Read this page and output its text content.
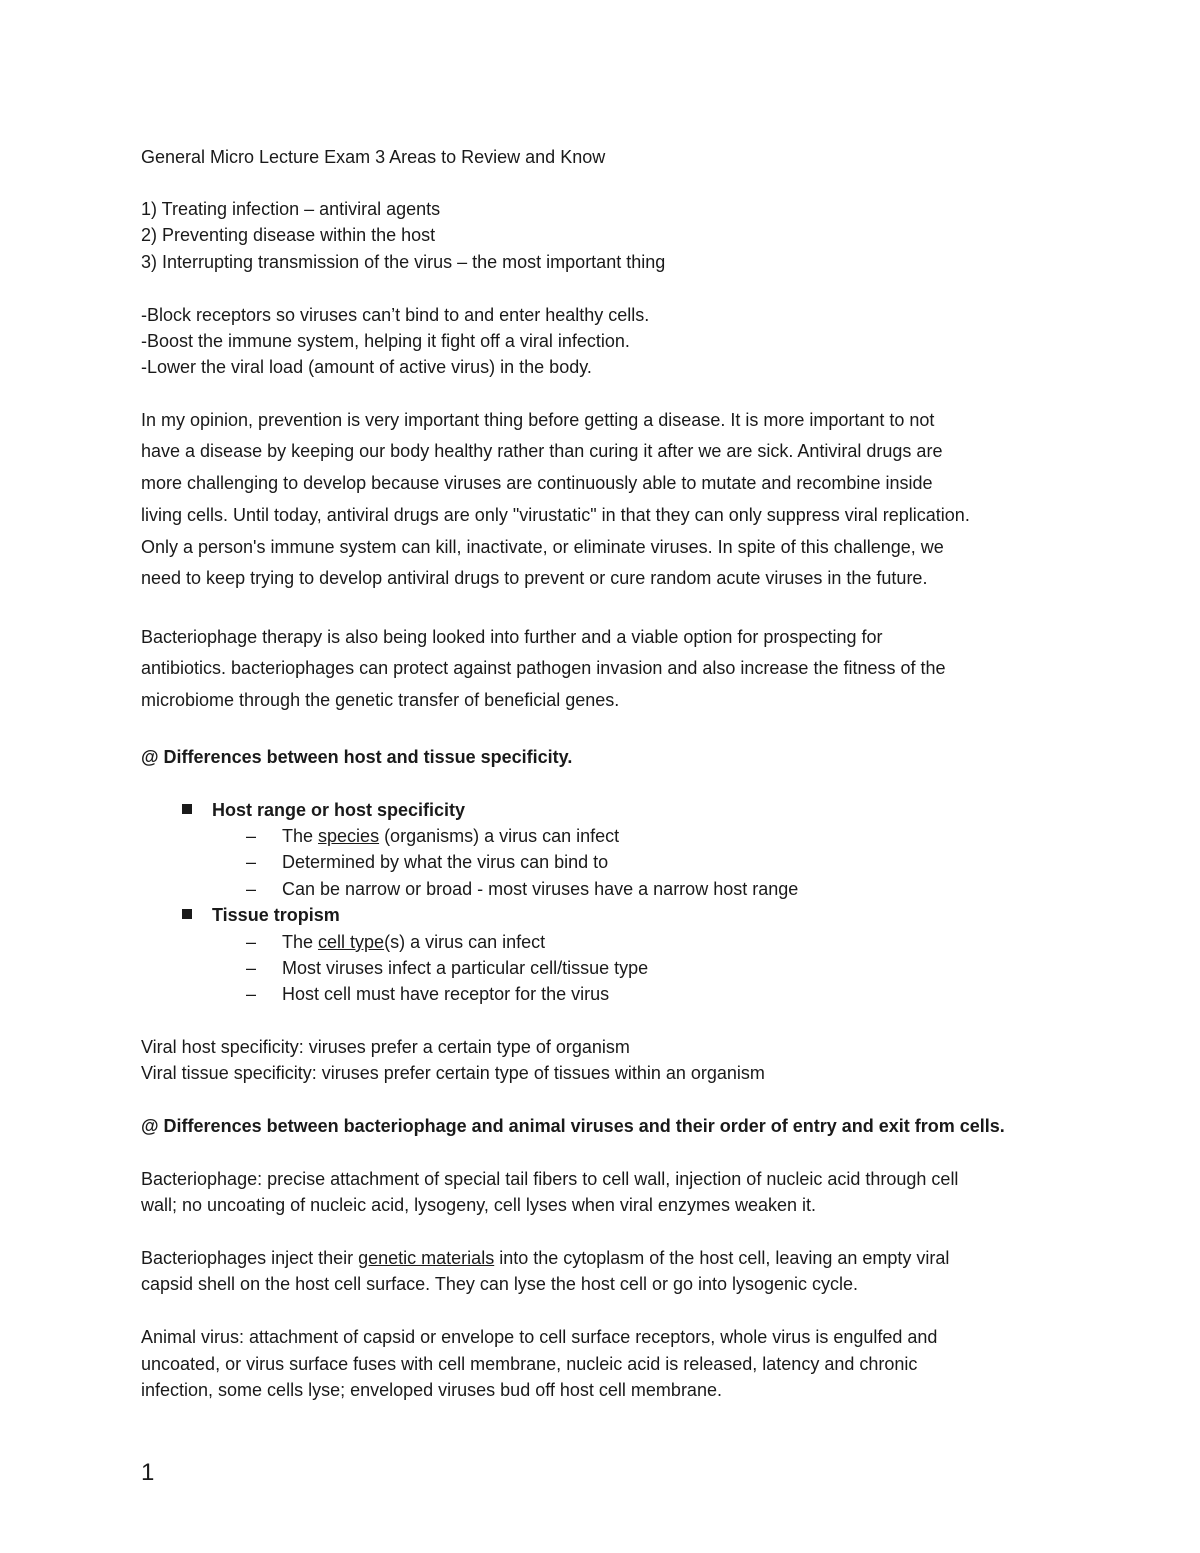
General Micro Lecture Exam 3 Areas to Review and Know
1) Treating infection – antiviral agents
2) Preventing disease within the host
3) Interrupting transmission of the virus – the most important thing
-Block receptors so viruses can’t bind to and enter healthy cells.
-Boost the immune system, helping it fight off a viral infection.
-Lower the viral load (amount of active virus) in the body.
In my opinion, prevention is very important thing before getting a disease. It is more important to not
have a disease by keeping our body healthy rather than curing it after we are sick. Antiviral drugs are
more challenging to develop because viruses are continuously able to mutate and recombine inside
living cells. Until today, antiviral drugs are only "virustatic" in that they can only suppress viral replication.
Only a person's immune system can kill, inactivate, or eliminate viruses. In spite of this challenge, we
need to keep trying to develop antiviral drugs to prevent or cure random acute viruses in the future.
Bacteriophage therapy is also being looked into further and a viable option for prospecting for
antibiotics. bacteriophages can protect against pathogen invasion and also increase the fitness of the
microbiome through the genetic transfer of beneficial genes.
@ Differences between host and tissue specificity.
Host range or host specificity
– The species (organisms) a virus can infect
– Determined by what the virus can bind to
– Can be narrow or broad - most viruses have a narrow host range
Tissue tropism
– The cell type(s) a virus can infect
– Most viruses infect a particular cell/tissue type
– Host cell must have receptor for the virus
Viral host specificity: viruses prefer a certain type of organism
Viral tissue specificity: viruses prefer certain type of tissues within an organism
@ Differences between bacteriophage and animal viruses and their order of entry and exit from cells.
Bacteriophage: precise attachment of special tail fibers to cell wall, injection of nucleic acid through cell
wall; no uncoating of nucleic acid, lysogeny, cell lyses when viral enzymes weaken it.
Bacteriophages inject their genetic materials into the cytoplasm of the host cell, leaving an empty viral
capsid shell on the host cell surface. They can lyse the host cell or go into lysogenic cycle.
Animal virus: attachment of capsid or envelope to cell surface receptors, whole virus is engulfed and
uncoated, or virus surface fuses with cell membrane, nucleic acid is released, latency and chronic
infection, some cells lyse; enveloped viruses bud off host cell membrane.
1
